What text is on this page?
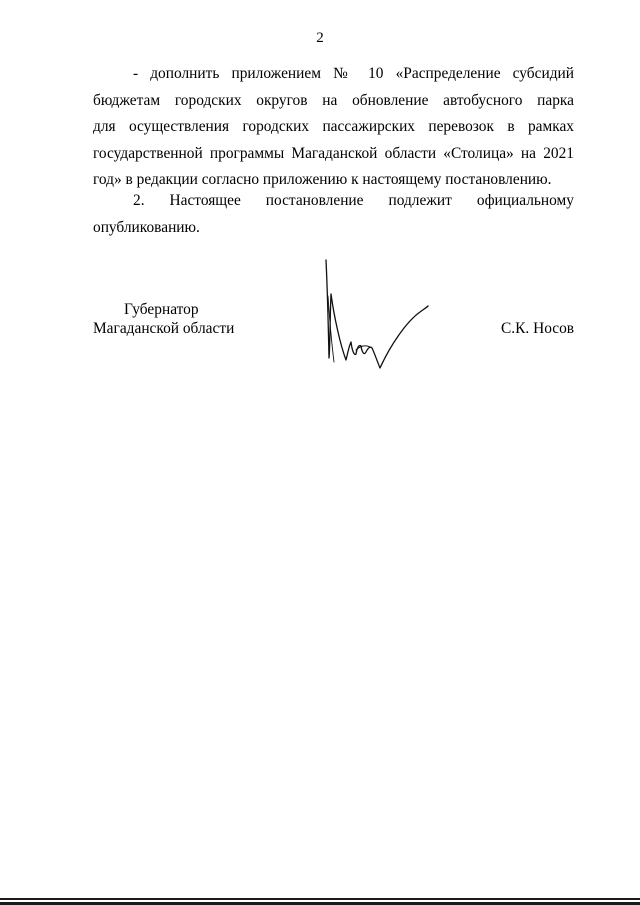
2
- дополнить приложением № 10 «Распределение субсидий
бюджетам городских округов на обновление автобусного парка
для осуществления городских пассажирских перевозок в рамках
государственной программы Магаданской области «Столица» на 2021
год» в редакции согласно приложению к настоящему постановлению.
2. Настоящее постановление подлежит официальному
опубликованию.
Губернатор
Магаданской области	С.К. Носов
